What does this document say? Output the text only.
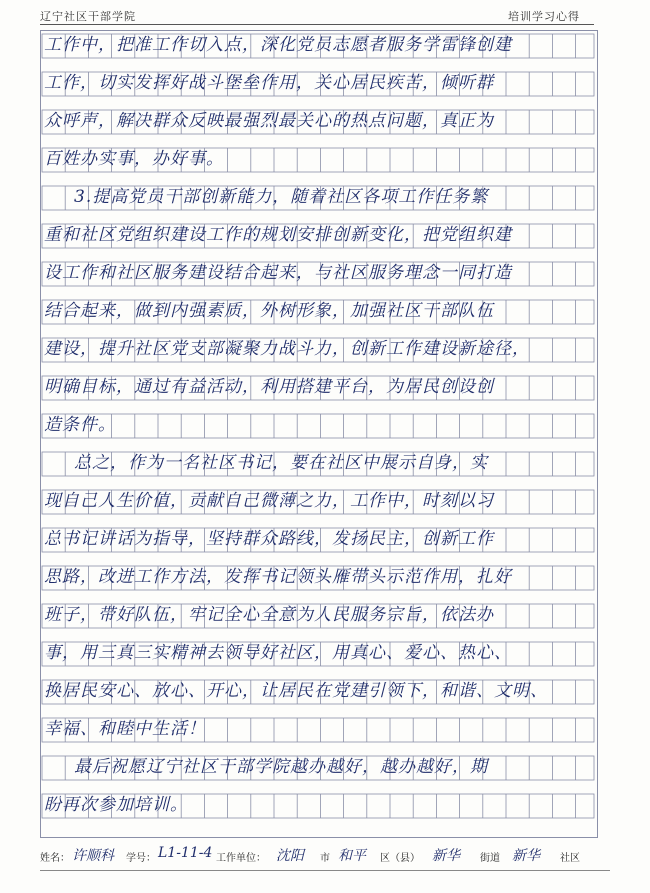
辽宁社区干部学院	培训学习心得
工作中，把准工作切入点，深化党员志愿者服务学雷锋创建
工作，切实发挥好战斗堡垒作用，关心居民疾苦，倾听群
众呼声，解决群众反映最强烈最关心的热点问题，真正为
百姓办实事，办好事。
3.提高党员干部创新能力，随着社区各项工作任务繁
重和社区党组织建设工作的规划安排创新变化，把党组织建
设工作和社区服务建设结合起来，与社区服务理念一同打造
结合起来，做到内强素质，外树形象，加强社区干部队伍
建设，提升社区党支部凝聚力战斗力，创新工作建设新途径，
明确目标，通过有益活动，利用搭建平台，为居民创设创
造条件。
总之，作为一名社区书记，要在社区中展示自身，实
现自己人生价值，贡献自己微薄之力，工作中，时刻以习
总书记讲话为指导，坚持群众路线，发扬民主，创新工作
思路，改进工作方法，发挥书记领头雁带头示范作用，扎好
班子，带好队伍，牢记全心全意为人民服务宗旨，依法办
事，用三真三实精神去领导好社区，用真心、爱心、热心、
换居民安心、放心、开心，让居民在党建引领下，和谐、文明、
幸福、和睦中生活！
最后祝愿辽宁社区干部学院越办越好，越办越好，期
盼再次参加培训。
姓名： 许顺科 学号： L1-11-4 工作单位： 沈阳 市 和平 区（县） 新华 街道 新华 社区
